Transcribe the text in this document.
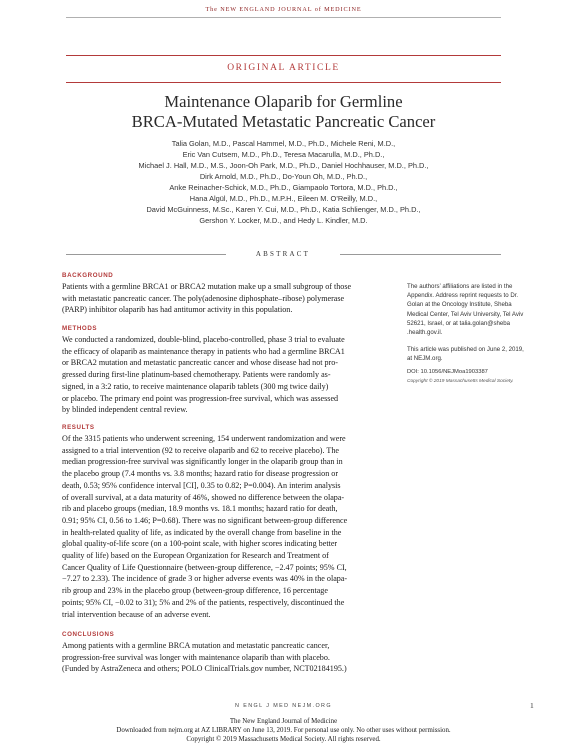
The NEW ENGLAND JOURNAL of MEDICINE
ORIGINAL ARTICLE
Maintenance Olaparib for Germline
BRCA-Mutated Metastatic Pancreatic Cancer
Talia Golan, M.D., Pascal Hammel, M.D., Ph.D., Michele Reni, M.D.,
Eric Van Cutsem, M.D., Ph.D., Teresa Macarulla, M.D., Ph.D.,
Michael J. Hall, M.D., M.S., Joon-Oh Park, M.D., Ph.D., Daniel Hochhauser, M.D., Ph.D.,
Dirk Arnold, M.D., Ph.D., Do-Youn Oh, M.D., Ph.D.,
Anke Reinacher-Schick, M.D., Ph.D., Giampaolo Tortora, M.D., Ph.D.,
Hana Algül, M.D., Ph.D., M.P.H., Eileen M. O’Reilly, M.D.,
David McGuinness, M.Sc., Karen Y. Cui, M.D., Ph.D., Katia Schlienger, M.D., Ph.D.,
Gershon Y. Locker, M.D., and Hedy L. Kindler, M.D.
ABSTRACT
BACKGROUND
Patients with a germline BRCA1 or BRCA2 mutation make up a small subgroup of those
with metastatic pancreatic cancer. The poly(adenosine diphosphate–ribose) polymerase
(PARP) inhibitor olaparib has had antitumor activity in this population.
METHODS
We conducted a randomized, double-blind, placebo-controlled, phase 3 trial to evaluate
the efficacy of olaparib as maintenance therapy in patients who had a germline BRCA1
or BRCA2 mutation and metastatic pancreatic cancer and whose disease had not pro-
gressed during first-line platinum-based chemotherapy. Patients were randomly as-
signed, in a 3:2 ratio, to receive maintenance olaparib tablets (300 mg twice daily)
or placebo. The primary end point was progression-free survival, which was assessed
by blinded independent central review.
RESULTS
Of the 3315 patients who underwent screening, 154 underwent randomization and were
assigned to a trial intervention (92 to receive olaparib and 62 to receive placebo). The
median progression-free survival was significantly longer in the olaparib group than in
the placebo group (7.4 months vs. 3.8 months; hazard ratio for disease progression or
death, 0.53; 95% confidence interval [CI], 0.35 to 0.82; P=0.004). An interim analysis
of overall survival, at a data maturity of 46%, showed no difference between the olapa-
rib and placebo groups (median, 18.9 months vs. 18.1 months; hazard ratio for death,
0.91; 95% CI, 0.56 to 1.46; P=0.68). There was no significant between-group difference
in health-related quality of life, as indicated by the overall change from baseline in the
global quality-of-life score (on a 100-point scale, with higher scores indicating better
quality of life) based on the European Organization for Research and Treatment of
Cancer Quality of Life Questionnaire (between-group difference, −2.47 points; 95% CI,
−7.27 to 2.33). The incidence of grade 3 or higher adverse events was 40% in the olapa-
rib group and 23% in the placebo group (between-group difference, 16 percentage
points; 95% CI, −0.02 to 31); 5% and 2% of the patients, respectively, discontinued the
trial intervention because of an adverse event.
CONCLUSIONS
Among patients with a germline BRCA mutation and metastatic pancreatic cancer,
progression-free survival was longer with maintenance olaparib than with placebo.
(Funded by AstraZeneca and others; POLO ClinicalTrials.gov number, NCT02184195.)
The authors’ affiliations are listed in the
Appendix. Address reprint requests to Dr.
Golan at the Oncology Institute, Sheba
Medical Center, Tel Aviv University, Tel Aviv
52621, Israel, or at talia.golan@sheba
.health.gov.il.
This article was published on June 2, 2019,
at NEJM.org.
DOI: 10.1056/NEJMoa1903387
Copyright © 2019 Massachusetts Medical Society.
N ENGL J MED NEJM.ORG	1
The New England Journal of Medicine
Downloaded from nejm.org at AZ LIBRARY on June 13, 2019. For personal use only. No other uses without permission.
Copyright © 2019 Massachusetts Medical Society. All rights reserved.
